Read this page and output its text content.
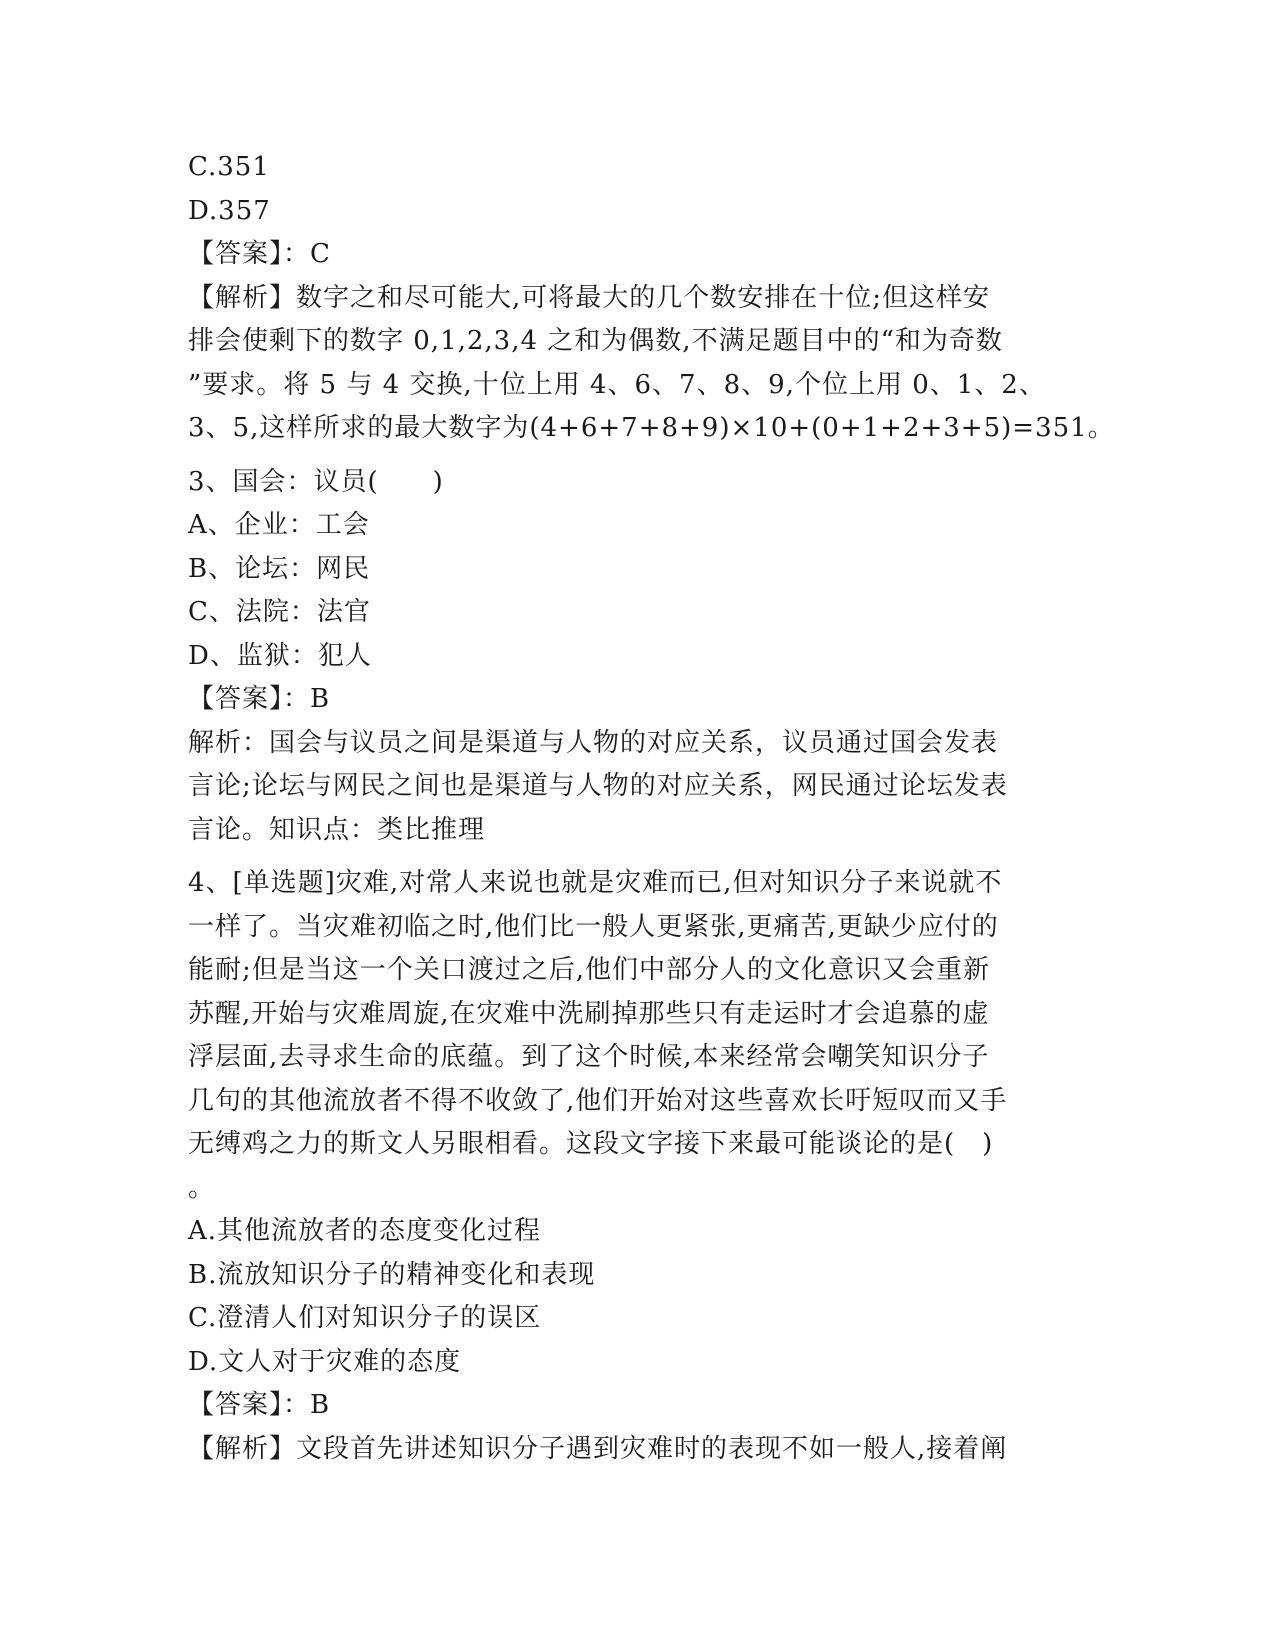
C.351
D.357
【答案】：C
【解析】数字之和尽可能大,可将最大的几个数安排在十位;但这样安
排会使剩下的数字 0,1,2,3,4 之和为偶数,不满足题目中的“和为奇数
”要求。将 5 与 4 交换,十位上用 4、6、7、8、9,个位上用 0、1、2、
3、5,这样所求的最大数字为(4+6+7+8+9)×10+(0+1+2+3+5)=351。
3、国会：议员(　　)
A、企业：工会
B、论坛：网民
C、法院：法官
D、监狱：犯人
【答案】：B
解析：国会与议员之间是渠道与人物的对应关系，议员通过国会发表
言论;论坛与网民之间也是渠道与人物的对应关系，网民通过论坛发表
言论。知识点：类比推理
4、[单选题]灾难,对常人来说也就是灾难而已,但对知识分子来说就不
一样了。当灾难初临之时,他们比一般人更紧张,更痛苦,更缺少应付的
能耐;但是当这一个关口渡过之后,他们中部分人的文化意识又会重新
苏醒,开始与灾难周旋,在灾难中洗刷掉那些只有走运时才会追慕的虚
浮层面,去寻求生命的底蕴。到了这个时候,本来经常会嘲笑知识分子
几句的其他流放者不得不收敛了,他们开始对这些喜欢长吁短叹而又手
无缚鸡之力的斯文人另眼相看。这段文字接下来最可能谈论的是(　)
。
A.其他流放者的态度变化过程
B.流放知识分子的精神变化和表现
C.澄清人们对知识分子的误区
D.文人对于灾难的态度
【答案】：B
【解析】文段首先讲述知识分子遇到灾难时的表现不如一般人,接着阐
